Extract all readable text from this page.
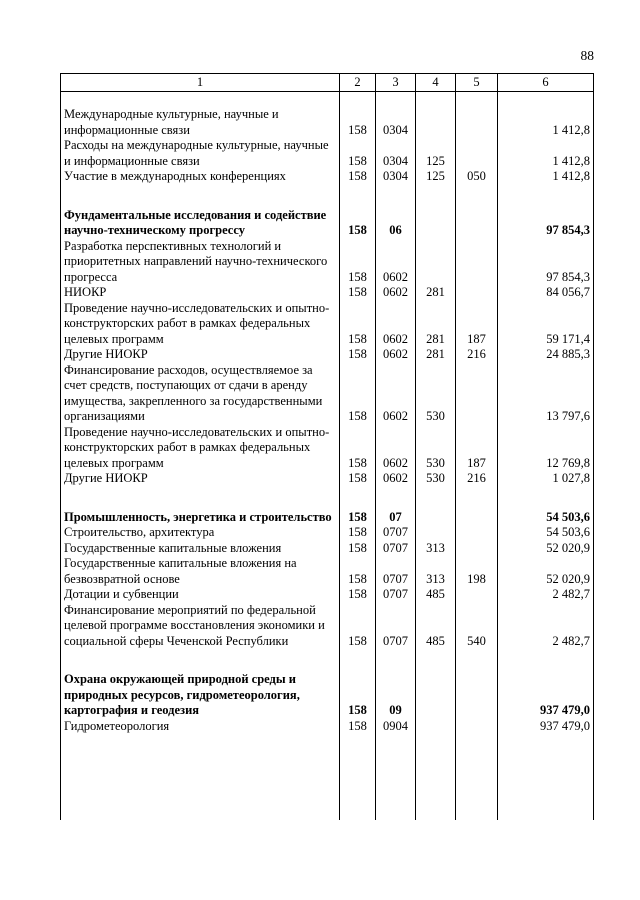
88
1	2	3	4	5	6

Международные культурные, научные и информационные связи	158	0304			1 412,8
Расходы на международные культурные, научные и информационные связи	158	0304	125		1 412,8
Участие в международных конференциях	158	0304	125	050	1 412,8

Фундаментальные исследования и содействие научно-техническому прогрессу	158	06			97 854,3
Разработка перспективных технологий и приоритетных направлений научно-технического прогресса	158	0602			97 854,3
НИОКР	158	0602	281		84 056,7
Проведение научно-исследовательских и опытно-конструкторских работ в рамках федеральных целевых программ	158	0602	281	187	59 171,4
Другие НИОКР	158	0602	281	216	24 885,3
Финансирование расходов, осуществляемое за счет средств, поступающих от сдачи в аренду имущества, закрепленного за государственными организациями	158	0602	530		13 797,6
Проведение научно-исследовательских и опытно-конструкторских работ в рамках федеральных целевых программ	158	0602	530	187	12 769,8
Другие НИОКР	158	0602	530	216	1 027,8

Промышленность, энергетика и строительство	158	07			54 503,6
Строительство, архитектура	158	0707			54 503,6
Государственные капитальные вложения	158	0707	313		52 020,9
Государственные капитальные вложения на безвозвратной основе	158	0707	313	198	52 020,9
Дотации и субвенции	158	0707	485		2 482,7
Финансирование мероприятий по федеральной целевой программе восстановления экономики и социальной сферы Чеченской Республики	158	0707	485	540	2 482,7

Охрана окружающей природной среды и природных ресурсов, гидрометеорология, картография и геодезия	158	09			937 479,0
Гидрометеорология	158	0904			937 479,0
